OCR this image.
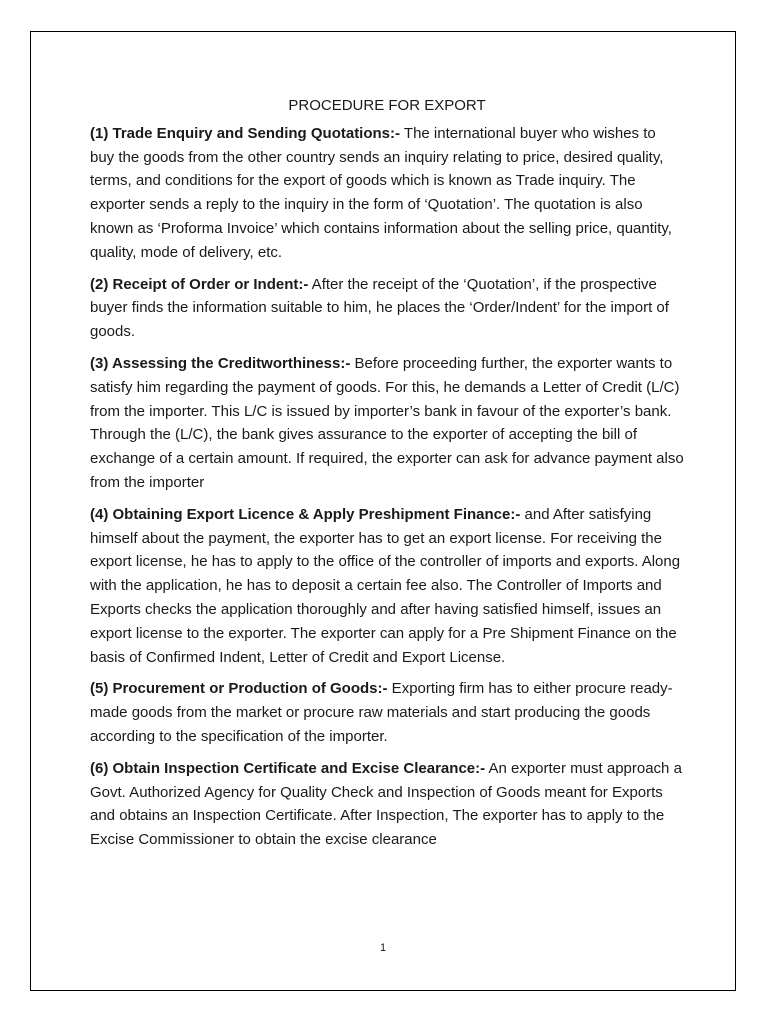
PROCEDURE FOR EXPORT

(1) Trade Enquiry and Sending Quotations:- The international buyer who wishes to buy the goods from the other country sends an inquiry relating to price, desired quality, terms, and conditions for the export of goods which is known as Trade inquiry. The exporter sends a reply to the inquiry in the form of ‘Quotation’. The quotation is also known as ‘Proforma Invoice’ which contains information about the selling price, quantity, quality, mode of delivery, etc.

(2) Receipt of Order or Indent:- After the receipt of the ‘Quotation’, if the prospective buyer finds the information suitable to him, he places the ‘Order/Indent’ for the import of goods.

(3) Assessing the Creditworthiness:- Before proceeding further, the exporter wants to satisfy him regarding the payment of goods. For this, he demands a Letter of Credit (L/C) from the importer. This L/C is issued by importer’s bank in favour of the exporter’s bank. Through the (L/C), the bank gives assurance to the exporter of accepting the bill of exchange of a certain amount. If required, the exporter can ask for advance payment also from the importer

(4) Obtaining Export Licence & Apply Preshipment Finance:- and After satisfying himself about the payment, the exporter has to get an export license. For receiving the export license, he has to apply to the office of the controller of imports and exports. Along with the application, he has to deposit a certain fee also. The Controller of Imports and Exports checks the application thoroughly and after having satisfied himself, issues an export license to the exporter. The exporter can apply for a Pre Shipment Finance on the basis of Confirmed Indent, Letter of Credit and Export License.

(5) Procurement or Production of Goods:- Exporting firm has to either procure ready-made goods from the market or procure raw materials and start producing the goods according to the specification of the importer.

(6) Obtain Inspection Certificate and Excise Clearance:- An exporter must approach a Govt. Authorized Agency for Quality Check and Inspection of Goods meant for Exports and obtains an Inspection Certificate. After Inspection, The exporter has to apply to the Excise Commissioner to obtain the excise clearance

1
